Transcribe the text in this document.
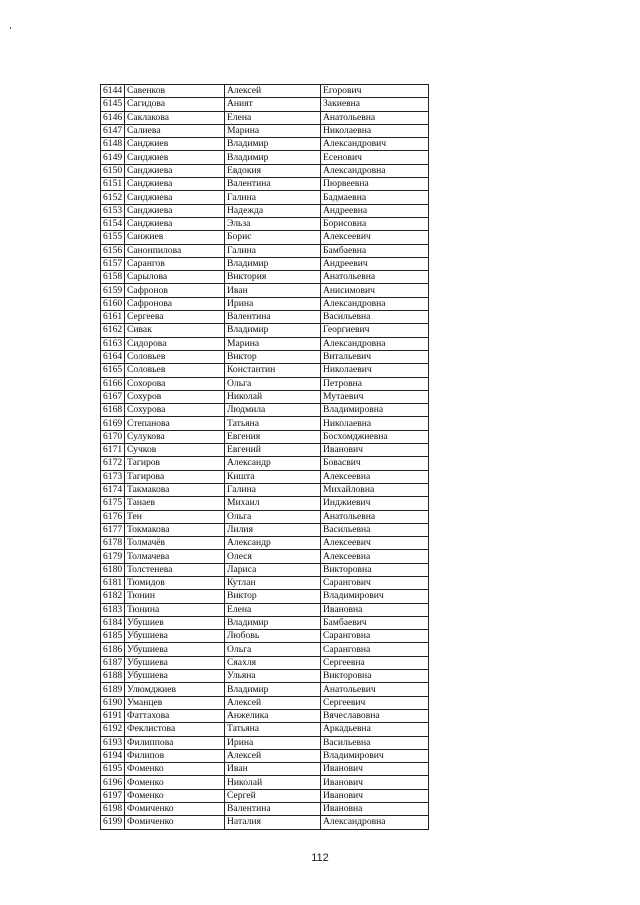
6144	Савенков	Алексей	Егорович
6145	Сагидова	Аният	Закиевна
6146	Саклакова	Елена	Анатольевна
6147	Салиева	Марина	Николаевна
6148	Санджиев	Владимир	Александрович
6149	Санджиев	Владимир	Есенович
6150	Санджиева	Евдокия	Александровна
6151	Санджиева	Валентина	Пюрвеевна
6152	Санджиева	Галина	Бадмаевна
6153	Санджиева	Надежда	Андреевна
6154	Санджиева	Эльза	Борисовна
6155	Санжиев	Борис	Алексеевич
6156	Санонпилова	Галина	Бамбаевна
6157	Сарангов	Владимир	Андреевич
6158	Сарылова	Виктория	Анатольевна
6159	Сафронов	Иван	Анисимович
6160	Сафронова	Ирина	Александровна
6161	Сергеева	Валентина	Васильевна
6162	Сивак	Владимир	Георгиевич
6163	Сидорова	Марина	Александровна
6164	Соловьев	Виктор	Витальевич
6165	Соловьев	Константин	Николаевич
6166	Сохорова	Ольга	Петровна
6167	Сохуров	Николай	Мутаевич
6168	Сохурова	Людмила	Владимировна
6169	Степанова	Татьяна	Николаевна
6170	Сулукова	Евгения	Босхомджиевна
6171	Сучков	Евгений	Иванович
6172	Тагиров	Александр	Бовасвич
6173	Тагирова	Кишта	Алексеевна
6174	Такмакова	Галина	Михайловна
6175	Танаев	Михаил	Инджиевич
6176	Тен	Ольга	Анатольевна
6177	Токмакова	Лилия	Васильевна
6178	Толмачёв	Александр	Алексеевич
6179	Толмачева	Олеся	Алексеевна
6180	Толстенева	Лариса	Викторовна
6181	Тюмидов	Кутлан	Сарангович
6182	Тюнин	Виктор	Владимирович
6183	Тюнина	Елена	Ивановна
6184	Убушиев	Владимир	Бамбаевич
6185	Убушиева	Любовь	Саранговна
6186	Убушиева	Ольга	Саранговна
6187	Убушиева	Сяахля	Сергеевна
6188	Убушиева	Ульяна	Викторовна
6189	Улюмджиев	Владимир	Анатольевич
6190	Уманцев	Алексей	Сергеевич
6191	Фаттахова	Анжелика	Вячеславовна
6192	Феклистова	Татьяна	Аркадьевна
6193	Филиппова	Ирина	Васильевна
6194	Филипов	Алексей	Владимирович
6195	Фоменко	Иван	Иванович
6196	Фоменко	Николай	Иванович
6197	Фоменко	Сергей	Иванович
6198	Фомиченко	Валентина	Ивановна
6199	Фомиченко	Наталия	Александровна
112
